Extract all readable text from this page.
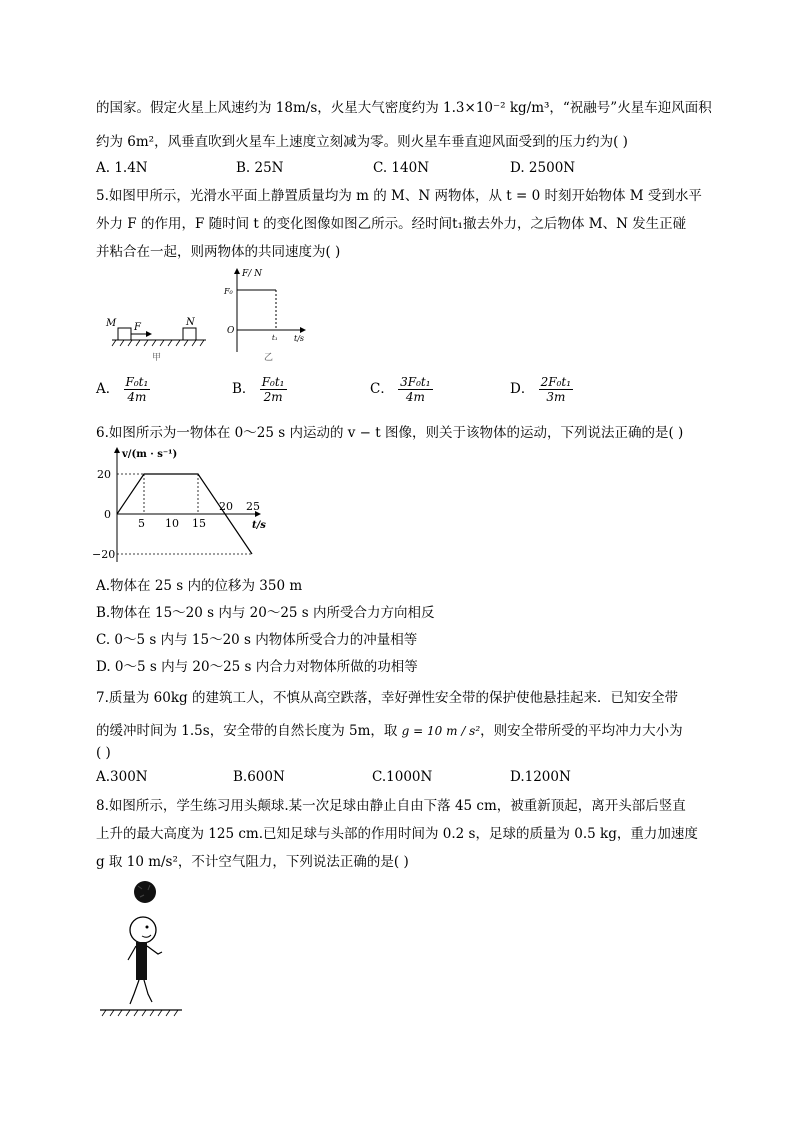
的国家。假定火星上风速约为 18m/s，火星大气密度约为 1.3×10⁻² kg/m³，“祝融号”火星车迎风面积
约为 6m²，风垂直吹到火星车上速度立刻减为零。则火星车垂直迎风面受到的压力约为( )
A. 1.4N	B. 25N	C. 140N	D. 2500N
5.如图甲所示，光滑水平面上静置质量均为 m 的 M、N 两物体，从 t = 0 时刻开始物体 M 受到水平
外力 F 的作用，F 随时间 t 的变化图像如图乙所示。经时间t₁撤去外力，之后物体 M、N 发生正碰
并粘合在一起，则两物体的共同速度为( )
M F	N
甲
F/ N
F₀
O
t₁ t/s
乙
A． $\frac{\text{F₀t₁}}{4m}$	B． $\frac{\text{F₀t₁}}{2m}$	C． $\frac{\text{3F₀t₁}}{4m}$	D． $\frac{\text{2F₀t₁}}{3m}$
6.如图所示为一物体在 0～25 s 内运动的 v − t 图像，则关于该物体的运动，下列说法正确的是( )
5 10 15
20 25
v/(m · s⁻¹)
t/s
20
0
−20
A.物体在 25 s 内的位移为 350 m
B.物体在 15～20 s 内与 20～25 s 内所受合力方向相反
C. 0～5 s 内与 15～20 s 内物体所受合力的冲量相等
D. 0～5 s 内与 20～25 s 内合力对物体所做的功相等
7.质量为 60kg 的建筑工人，不慎从高空跌落，幸好弹性安全带的保护使他悬挂起来．已知安全带
的缓冲时间为 1.5s，安全带的自然长度为 5m，取 g = 10 m / s²，则安全带所受的平均冲力大小为
( )
A.300N	B.600N	C.1000N	D.1200N
8.如图所示，学生练习用头颠球.某一次足球由静止自由下落 45 cm，被重新顶起，离开头部后竖直
上升的最大高度为 125 cm.已知足球与头部的作用时间为 0.2 s，足球的质量为 0.5 kg，重力加速度
g 取 10 m/s²，不计空气阻力，下列说法正确的是( )
